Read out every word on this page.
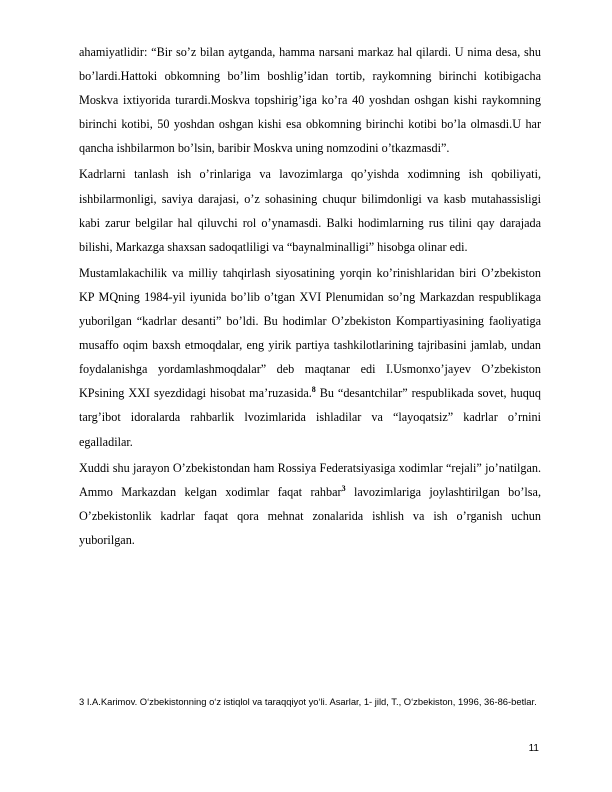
ahamiyatlidir: “Bir so’z bilan aytganda, hamma narsani markaz hal qilardi. U nima desa, shu bo’lardi.Hattoki obkomning bo’lim boshlig’idan tortib, raykomning birinchi kotibigacha Moskva ixtiyorida turardi.Moskva topshirig’iga ko’ra 40 yoshdan oshgan kishi raykomning birinchi kotibi, 50 yoshdan oshgan kishi esa obkomning birinchi kotibi bo’la olmasdi.U har qancha ishbilarmon bo’lsin, baribir Moskva uning nomzodini o’tkazmasdi”.

Kadrlarni tanlash ish o’rinlariga va lavozimlarga qo’yishda xodimning ish qobiliyati, ishbilarmonligi, saviya darajasi, o’z sohasining chuqur bilimdonligi va kasb mutahassisligi kabi zarur belgilar hal qiluvchi rol o’ynamasdi. Balki hodimlarning rus tilini qay darajada bilishi, Markazga shaxsan sadoqatliligi va “baynalminalligi” hisobga olinar edi.

Mustamlakachilik va milliy tahqirlash siyosatining yorqin ko’rinishlaridan biri O’zbekiston KP MQning 1984-yil iyunida bo’lib o’tgan XVI Plenumidan so’ng Markazdan respublikaga yuborilgan “kadrlar desanti” bo’ldi. Bu hodimlar O’zbekiston Kompartiyasining faoliyatiga musaffo oqim baxsh etmoqdalar, eng yirik partiya tashkilotlarining tajribasini jamlab, undan foydalanishga yordamlashmoqdalar” deb maqtanar edi I.Usmonxo’jayev O’zbekiston KPsining XXI syezdidagi hisobat ma’ruzasida.$^8$ Bu “desantchilar” respublikada sovet, huquq targ’ibot idoralarda rahbarlik lvozimlarida ishladilar va “layoqatsiz” kadrlar o’rnini egalladilar.

Xuddi shu jarayon O’zbekistondan ham Rossiya Federatsiyasiga xodimlar “rejali” jo’natilgan. Ammo Markazdan kelgan xodimlar faqat rahbar$^3$ lavozimlariga joylashtirilgan bo’lsa, O’zbekistonlik kadrlar faqat qora mehnat zonalarida ishlish va ish o’rganish uchun yuborilgan.

3 I.A.Karimov. O‘zbekistonning o‘z istiqlol va taraqqiyot yo‘li. Asarlar, 1- jild, T., O‘zbekiston, 1996, 36-86-betlar.

11
